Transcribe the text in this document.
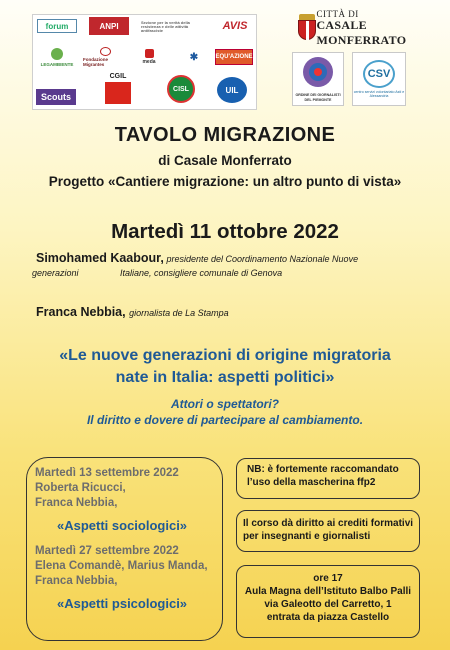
forum	ANPI	Sezione per la verità della resistenza e delle attività antifasciste	AVIS
LEGAMBIENTE
Fondazione Migrantes	meda	✱	EQU'AZIONE
Scouts
CGIL
CISL	UIL
CITTÀ DI
CASALE MONFERRATO
ORDINE DEI GIORNALISTI DEL PIEMONTE
CSV
centro servizi volontariato Asti e Alessandria
TAVOLO MIGRAZIONE
di Casale Monferrato
Progetto «Cantiere migrazione: un altro punto di vista»
Martedì 11 ottobre 2022
Simohamed Kaabour, presidente del Coordinamento Nazionale Nuove
generazioni	Italiane, consigliere comunale di Genova
Franca Nebbia, giornalista de La Stampa
«Le nuove generazioni di origine migratoria
nate in Italia: aspetti politici»
Attori o spettatori?
Il diritto e dovere di partecipare al cambiamento.
Martedì 13 settembre 2022
Roberta Ricucci,
Franca Nebbia,
«Aspetti sociologici»
Martedì 27 settembre 2022
Elena Comandè, Marius Manda,
Franca Nebbia,
«Aspetti psicologici»
NB: è fortemente raccomandato
l’uso della mascherina ffp2
Il corso dà diritto ai crediti formativi
per insegnanti e giornalisti
ore 17
Aula Magna dell’Istituto Balbo Palli
via Galeotto del Carretto, 1
entrata da piazza Castello
